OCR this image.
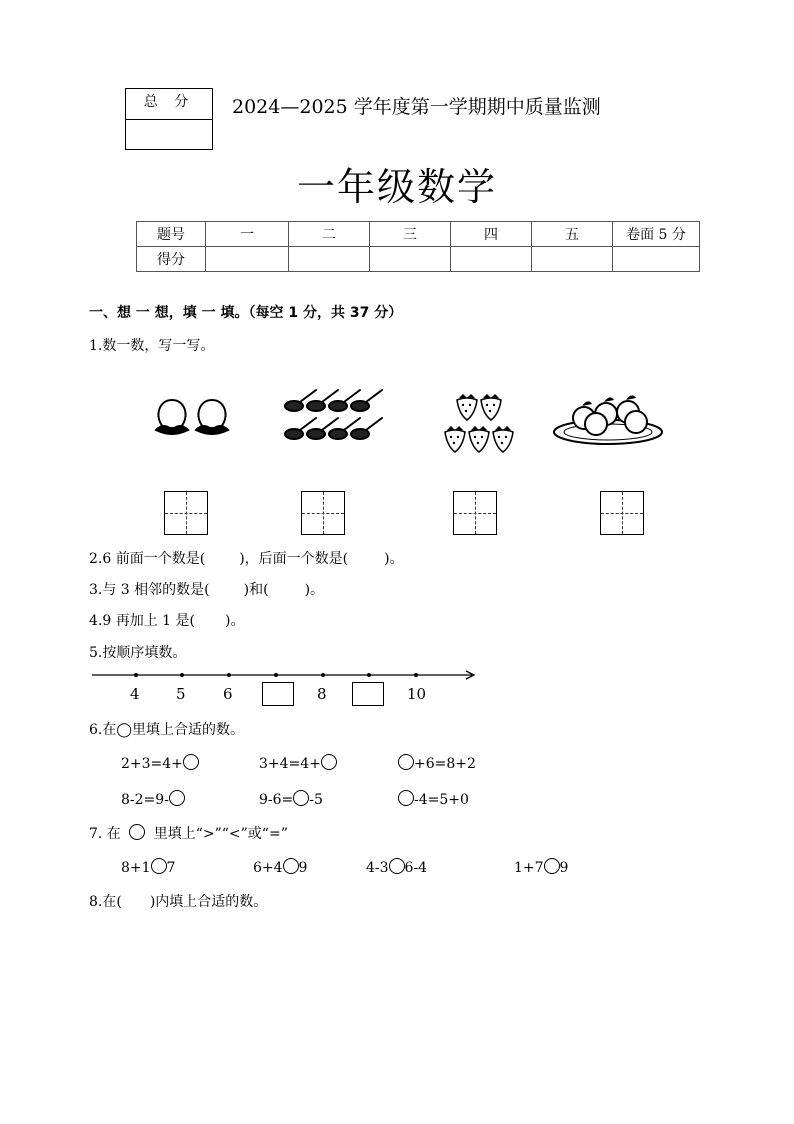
总 分	2024—2025 学年度第一学期期中质量监测
一年级数学
题号	一	二	三	四	五	卷面 5 分
得分						
一、想 一 想，填 一 填。（每空 1 分，共 37 分）
1.数一数，写一写。
2.6 前面一个数是( )，后面一个数是(	)。
3.与 3 相邻的数是( )和(	)。
4.9 再加上 1 是( )。
5.按顺序填数。
4 5 6	8	10
6.在◯里填上合适的数。
2+3=4+	3+4=4+	+6=8+2
8-2=9-	9-6= -5	-4=5+0
7. 在 里填上“>”“<”或“=”
8+1 7	6+4 9	4-3 6-4	1+7 9
8.在( )内填上合适的数。
